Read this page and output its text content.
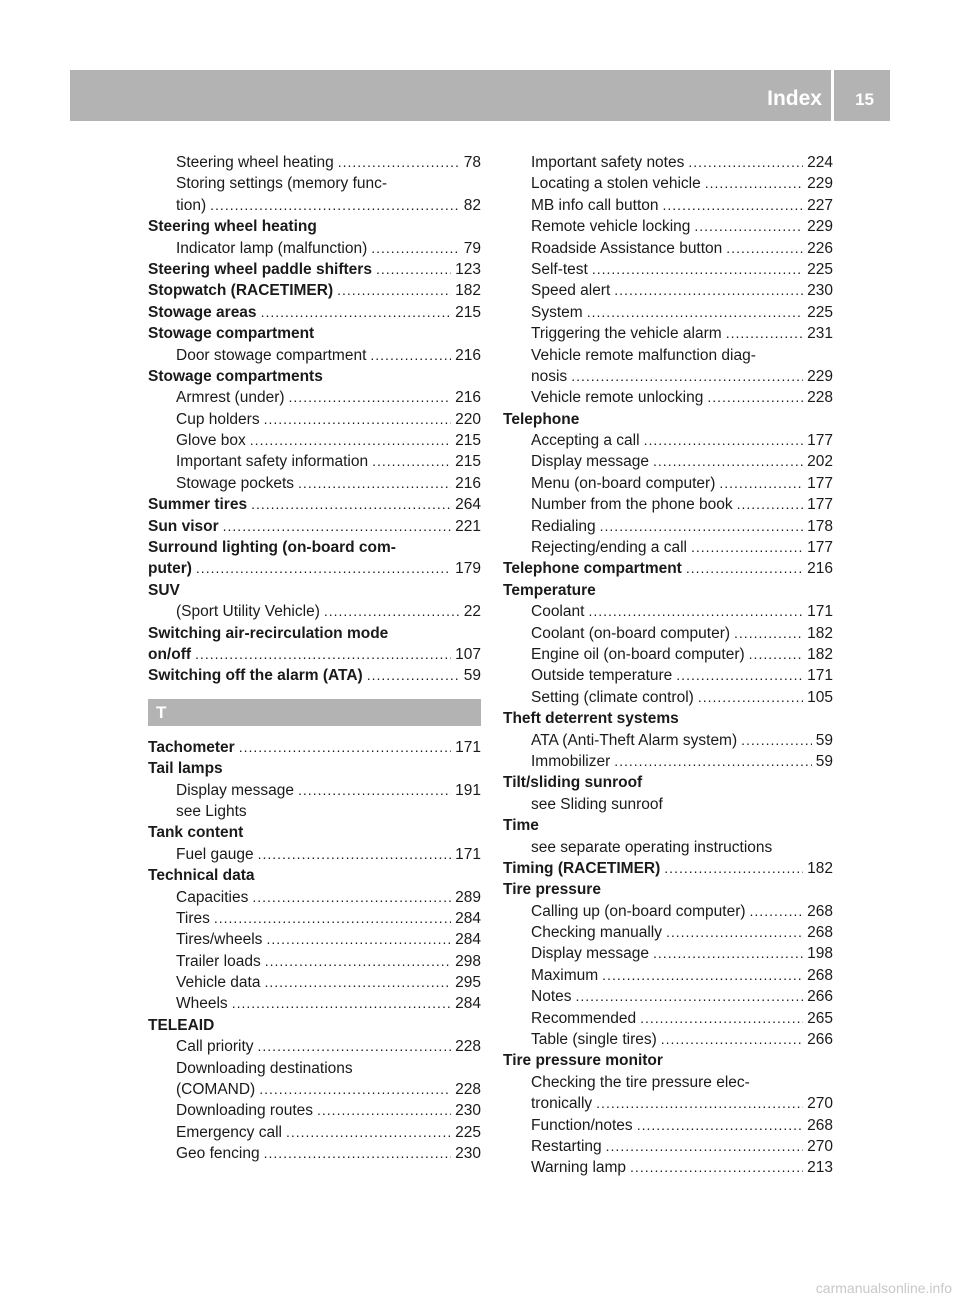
Index 15
Steering wheel heating .....	78
Storing settings (memory func-
tion) .....	82
Steering wheel heating
Indicator lamp (malfunction) .....	79
Steering wheel paddle shifters .....	123
Stopwatch (RACETIMER) .....	182
Stowage areas .....	215
Stowage compartment
Door stowage compartment .....	216
Stowage compartments
Armrest (under) .....	216
Cup holders .....	220
Glove box .....	215
Important safety information .....	215
Stowage pockets .....	216
Summer tires .....	264
Sun visor .....	221
Surround lighting (on-board com-
puter) .....	179
SUV
(Sport Utility Vehicle) .....	22
Switching air-recirculation mode
on/off .....	107
Switching off the alarm (ATA) .....	59
T
Tachometer .....	171
Tail lamps
Display message .....	191
see Lights
Tank content
Fuel gauge .....	171
Technical data
Capacities .....	289
Tires .....	284
Tires/wheels .....	284
Trailer loads .....	298
Vehicle data .....	295
Wheels .....	284
TELEAID
Call priority .....	228
Downloading destinations
(COMAND) .....	228
Downloading routes .....	230
Emergency call .....	225
Geo fencing .....	230
Important safety notes .....	224
Locating a stolen vehicle .....	229
MB info call button .....	227
Remote vehicle locking .....	229
Roadside Assistance button .....	226
Self-test .....	225
Speed alert .....	230
System .....	225
Triggering the vehicle alarm .....	231
Vehicle remote malfunction diag-
nosis .....	229
Vehicle remote unlocking .....	228
Telephone
Accepting a call .....	177
Display message .....	202
Menu (on-board computer) .....	177
Number from the phone book .....	177
Redialing .....	178
Rejecting/ending a call .....	177
Telephone compartment .....	216
Temperature
Coolant .....	171
Coolant (on-board computer) .....	182
Engine oil (on-board computer) .....	182
Outside temperature .....	171
Setting (climate control) .....	105
Theft deterrent systems
ATA (Anti-Theft Alarm system) .....	59
Immobilizer .....	59
Tilt/sliding sunroof
see Sliding sunroof
Time
see separate operating instructions
Timing (RACETIMER) .....	182
Tire pressure
Calling up (on-board computer) .....	268
Checking manually .....	268
Display message .....	198
Maximum .....	268
Notes .....	266
Recommended .....	265
Table (single tires) .....	266
Tire pressure monitor
Checking the tire pressure elec-
tronically .....	270
Function/notes .....	268
Restarting .....	270
Warning lamp .....	213
carmanualsonline.info
